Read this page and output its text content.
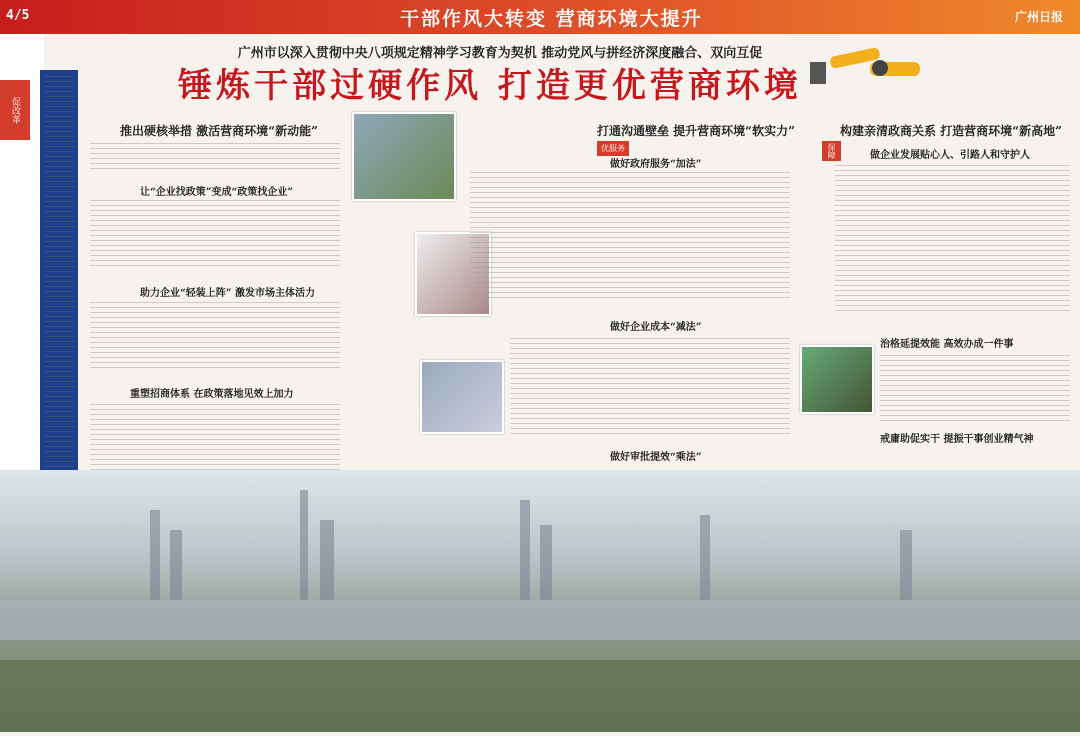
4/5	干部作风大转变 营商环境大提升	广州日报
促改革
广州市以深入贯彻中央八项规定精神学习教育为契机 推动党风与拼经济深度融合、双向互促
锤炼干部过硬作风 打造更优营商环境
推出硬核举措 激活营商环境“新动能”
让“企业找政策”变成“政策找企业”
助力企业“轻装上阵” 激发市场主体活力
重塑招商体系 在政策落地见效上加力
打通沟通壁垒 提升营商环境“软实力”
优服务
做好政府服务“加法”
做好企业成本“减法”
做好审批提效“乘法”
构建亲清政商关系 打造营商环境“新高地”
保障	做企业发展贴心人、引路人和守护人
治格延提效能 高效办成一件事
戒庸助促实干 提振干事创业精气神
